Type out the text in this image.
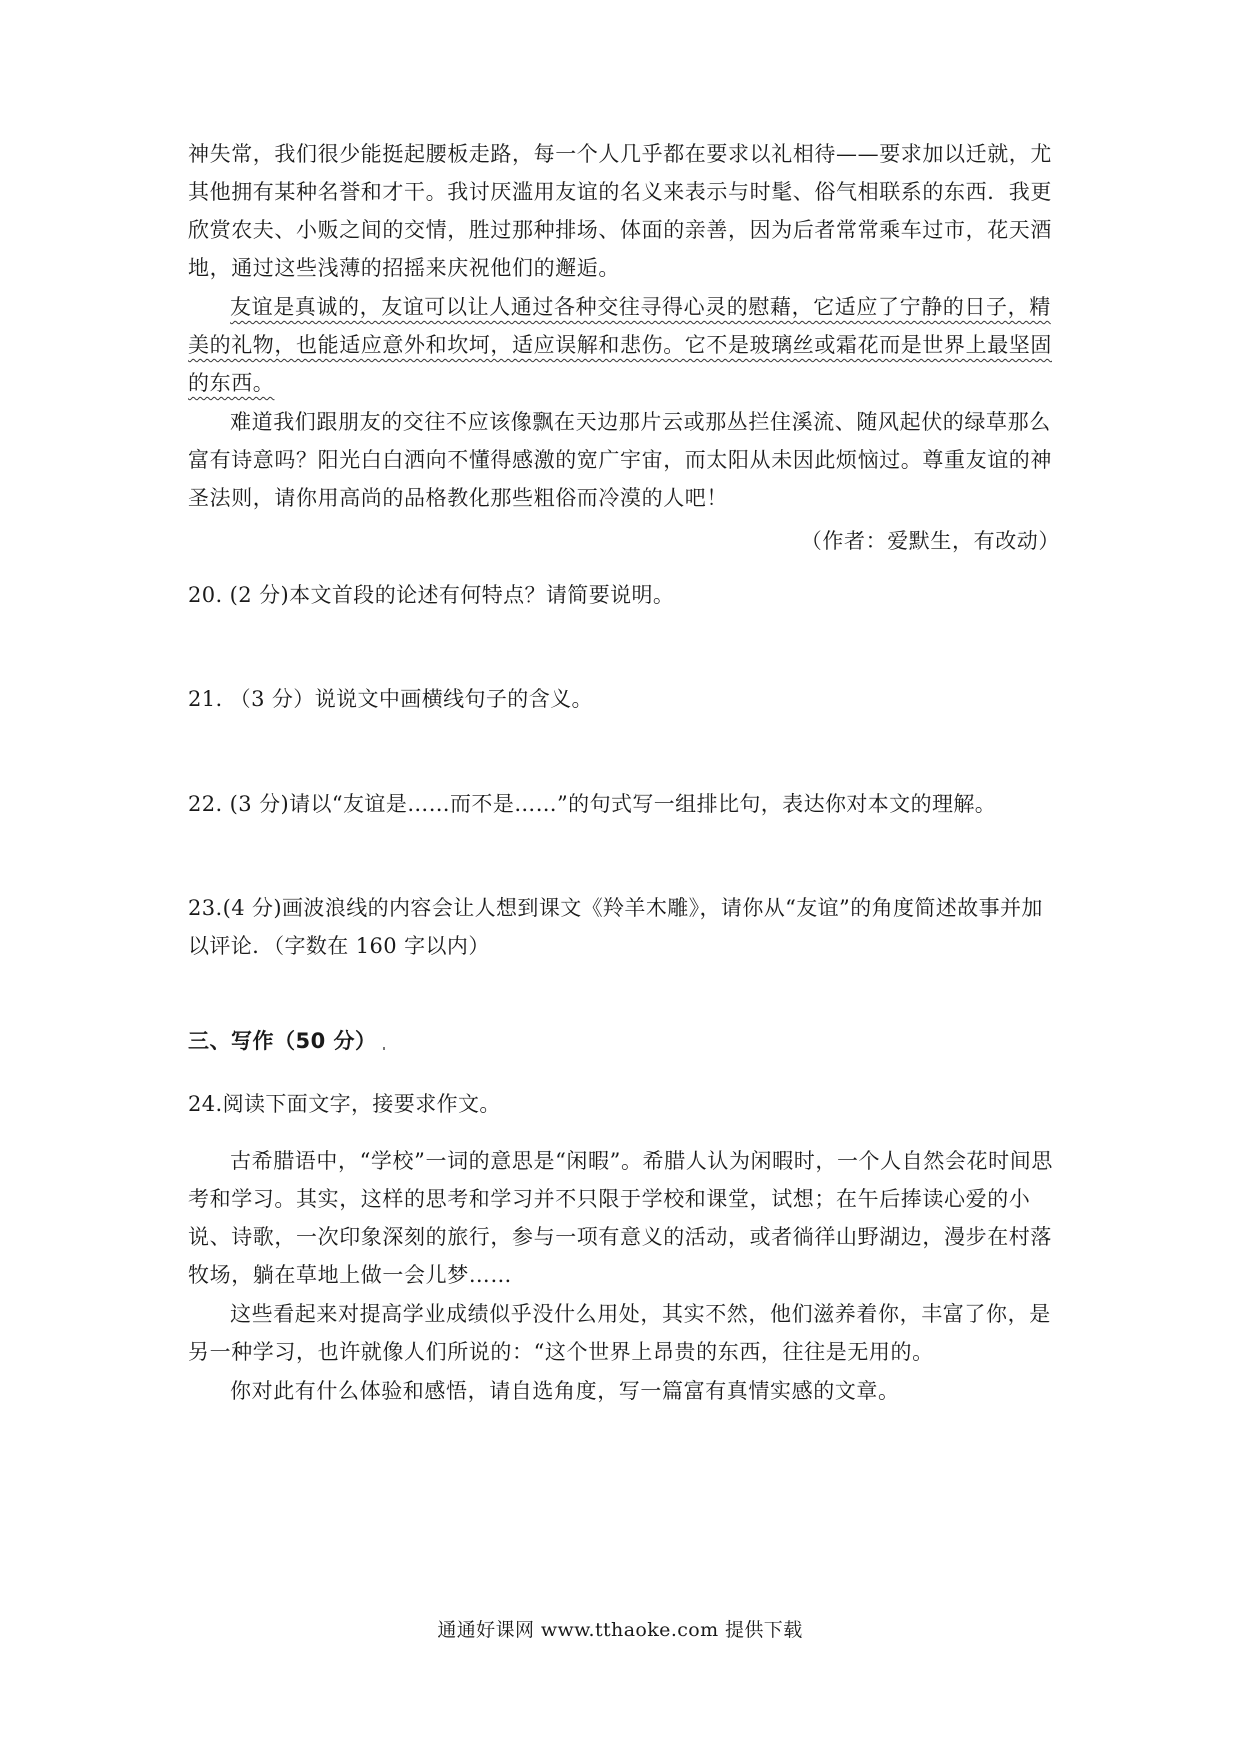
神失常，我们很少能挺起腰板走路，每一个人几乎都在要求以礼相待——要求加以迁就，尤其他拥有某种名誉和才干。我讨厌滥用友谊的名义来表示与时髦、俗气相联系的东西．我更欣赏农夫、小贩之间的交情，胜过那种排场、体面的亲善，因为后者常常乘车过市，花天酒地，通过这些浅薄的招摇来庆祝他们的邂逅。

友谊是真诚的，友谊可以让人通过各种交往寻得心灵的慰藉，它适应了宁静的日子，精美的礼物，也能适应意外和坎坷，适应误解和悲伤。它不是玻璃丝或霜花而是世界上最坚固的东西。

难道我们跟朋友的交往不应该像飘在天边那片云或那丛拦住溪流、随风起伏的绿草那么富有诗意吗？阳光白白洒向不懂得感激的宽广宇宙，而太阳从未因此烦恼过。尊重友谊的神圣法则，请你用高尚的品格教化那些粗俗而冷漠的人吧！

（作者：爱默生，有改动）
20. (2 分)本文首段的论述有何特点？请简要说明。
21. （3 分）说说文中画横线句子的含义。
22. (3 分)请以“友谊是……而不是……”的句式写一组排比句，表达你对本文的理解。
23.(4 分)画波浪线的内容会让人想到课文《羚羊木雕》，请你从“友谊”的角度简述故事并加以评论．（字数在 160 字以内）
三、写作（50 分）
24.阅读下面文字，接要求作文。

古希腊语中，“学校”一词的意思是“闲暇”。希腊人认为闲暇时，一个人自然会花时间思考和学习。其实，这样的思考和学习并不只限于学校和课堂，试想；在午后捧读心爱的小说、诗歌，一次印象深刻的旅行，参与一项有意义的活动，或者徜徉山野湖边，漫步在村落牧场，躺在草地上做一会儿梦……

这些看起来对提高学业成绩似乎没什么用处，其实不然，他们滋养着你，丰富了你，是另一种学习，也许就像人们所说的：“这个世界上昂贵的东西，往往是无用的。

你对此有什么体验和感悟，请自选角度，写一篇富有真情实感的文章。

通通好课网 www.tthaoke.com 提供下载
